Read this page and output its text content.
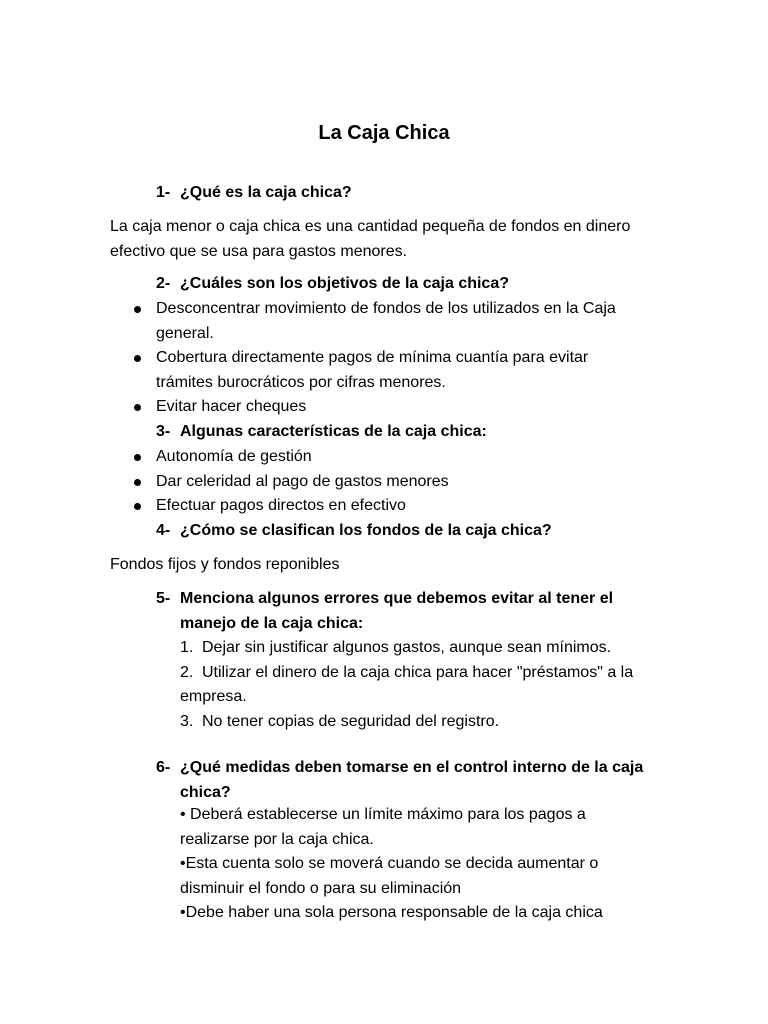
La Caja Chica
1- ¿Qué es la caja chica?
La caja menor o caja chica es una cantidad pequeña de fondos en dinero efectivo que se usa para gastos menores.
2- ¿Cuáles son los objetivos de la caja chica?
Desconcentrar movimiento de fondos de los utilizados en la Caja general.
Cobertura directamente pagos de mínima cuantía para evitar trámites burocráticos por cifras menores.
Evitar hacer cheques
3- Algunas características de la caja chica:
Autonomía de gestión
Dar celeridad al pago de gastos menores
Efectuar pagos directos en efectivo
4- ¿Cómo se clasifican los fondos de la caja chica?
Fondos fijos y fondos reponibles
5- Menciona algunos errores que debemos evitar al tener el manejo de la caja chica:

1. Dejar sin justificar algunos gastos, aunque sean mínimos.

2. Utilizar el dinero de la caja chica para hacer "préstamos" a la empresa.

3. No tener copias de seguridad del registro.

6- ¿Qué medidas deben tomarse en el control interno de la caja chica?

• Deberá establecerse un límite máximo para los pagos a realizarse por la caja chica.

•Esta cuenta solo se moverá cuando se decida aumentar o disminuir el fondo o para su eliminación

•Debe haber una sola persona responsable de la caja chica
